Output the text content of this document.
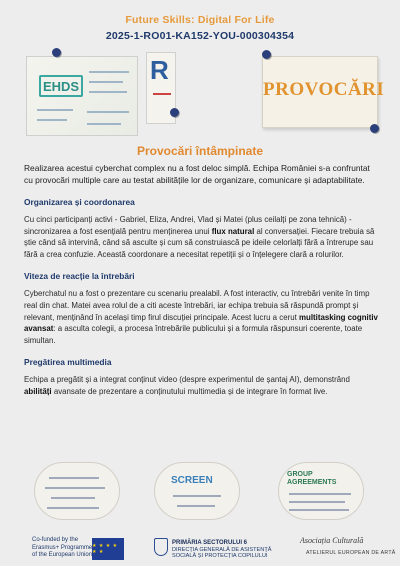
Future Skills: Digital For Life
2025-1-RO01-KA152-YOU-000304354
EHDS
R
PROVOCĂRI
Provocări întâmpinate

Realizarea acestui cyberchat complex nu a fost deloc simplă. Echipa României s-a confruntat cu provocări multiple care au testat abilitățile lor de organizare, comunicare și adaptabilitate.

Organizarea și coordonarea

Cu cinci participanți activi - Gabriel, Eliza, Andrei, Vlad și Matei (plus ceilalți pe zona tehnică) - sincronizarea a fost esențială pentru menținerea unui flux natural al conversației. Fiecare trebuia să știe când să intervină, când să asculte și cum să construiască pe ideile celorlalți fără a întrerupe sau fără a crea confuzie. Această coordonare a necesitat repetiții și o înțelegere clară a rolurilor.

Viteza de reacție la întrebări

Cyberchatul nu a fost o prezentare cu scenariu prealabil. A fost interactiv, cu întrebări venite în timp real din chat. Matei avea rolul de a citi aceste întrebări, iar echipa trebuia să răspundă prompt și relevant, menținând în același timp firul discuției principale. Acest lucru a cerut multitasking cognitiv avansat: a asculta colegii, a procesa întrebările publicului și a formula răspunsuri coerente, toate simultan.

Pregătirea multimedia

Echipa a pregătit și a integrat conținut video (despre experimentul de șantaj AI), demonstrând abilități avansate de prezentare a conținutului multimedia și de integrare în format live.

SCREEN
GROUP AGREEMENTS
Co-funded by the
Erasmus+ Programme
of the European Union
★ ★ ★ ★ ★ ★
PRIMĂRIA SECTORULUI 6
DIRECȚIA GENERALĂ DE ASISTENȚĂ
SOCIALĂ ȘI PROTECȚIA COPILULUI
Asociația Culturală
ATELIERUL EUROPEAN DE ARTĂ
